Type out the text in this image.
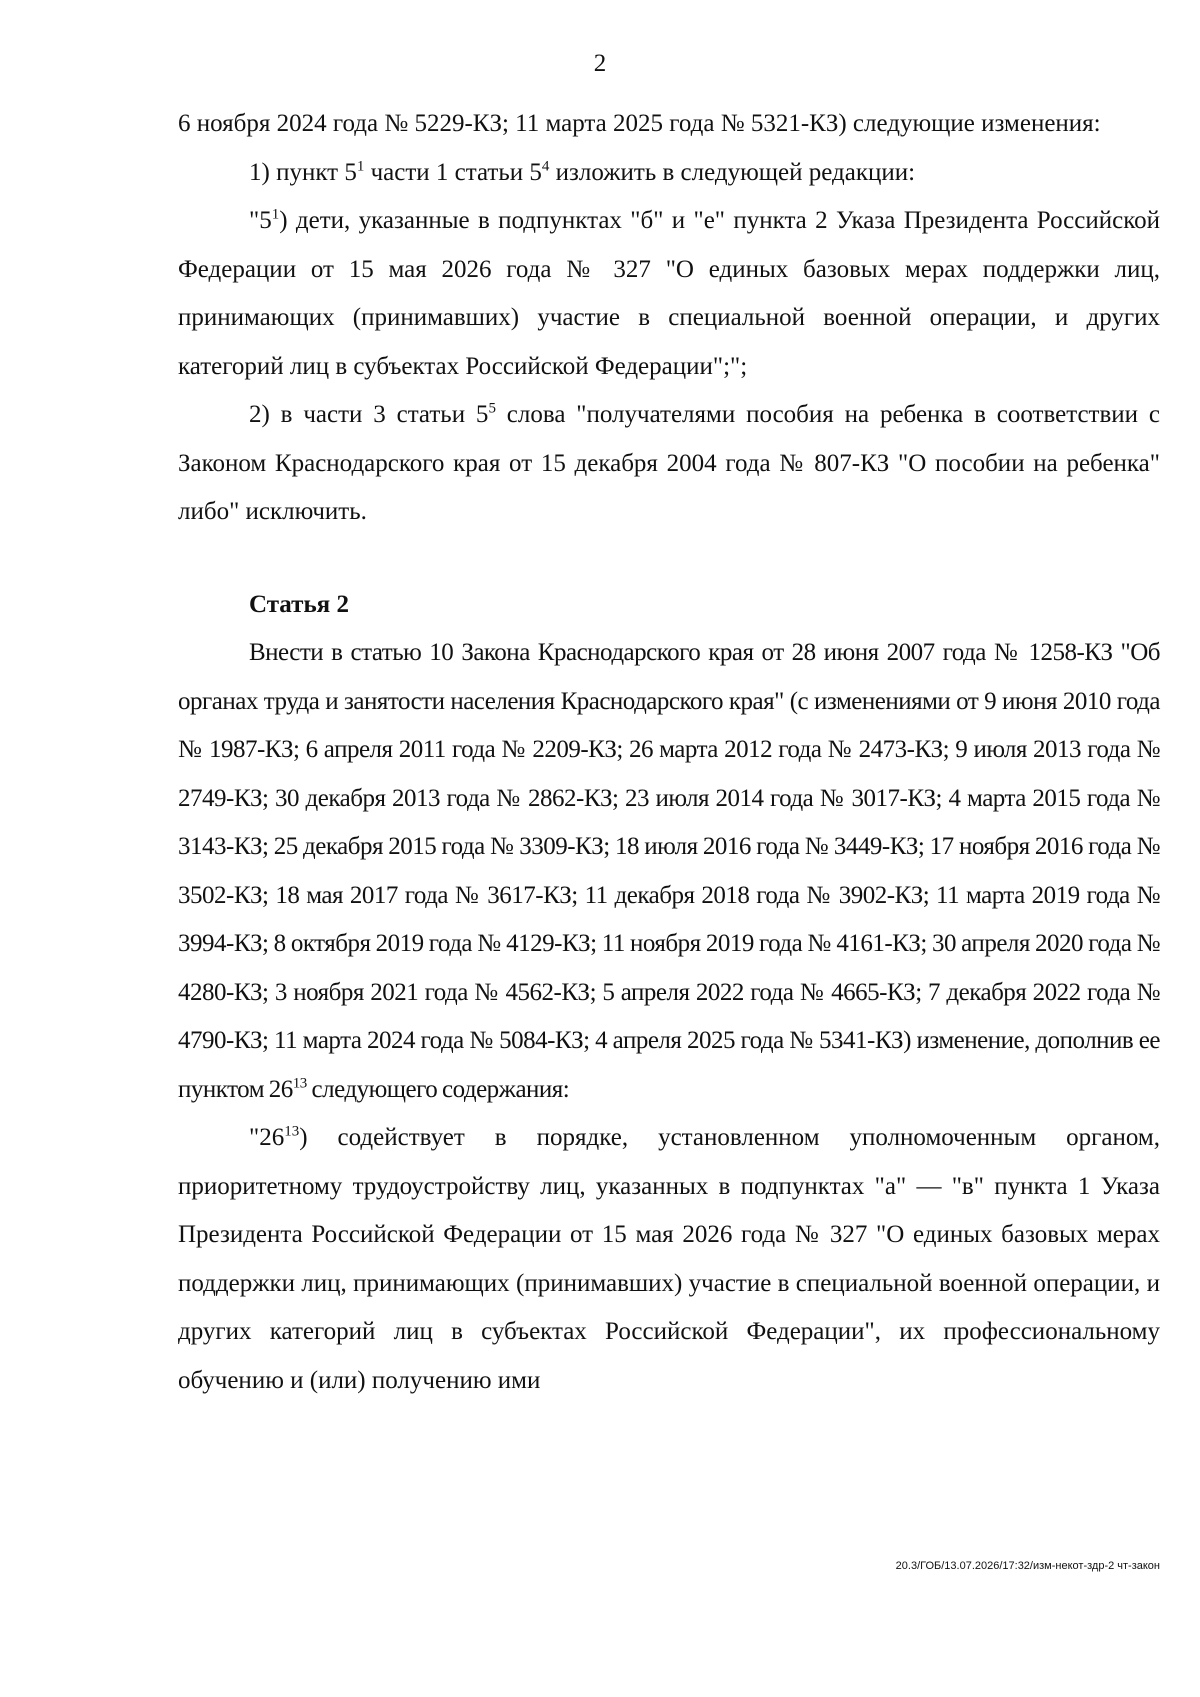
2

6 ноября 2024 года № 5229-КЗ; 11 марта 2025 года № 5321-КЗ) следующие изменения:

1) пункт $5^1$ части 1 статьи $5^4$ изложить в следующей редакции:

"$5^1$) дети, указанные в подпунктах "б" и "е" пункта 2 Указа Президента Российской Федерации от 15 мая 2026 года № 327 "О единых базовых мерах поддержки лиц, принимающих (принимавших) участие в специальной военной операции, и других категорий лиц в субъектах Российской Федерации";";

2) в части 3 статьи $5^5$ слова "получателями пособия на ребенка в соответствии с Законом Краснодарского края от 15 декабря 2004 года № 807-КЗ "О пособии на ребенка" либо" исключить.

Статья 2

Внести в статью 10 Закона Краснодарского края от 28 июня 2007 года № 1258-КЗ "Об органах труда и занятости населения Краснодарского края" (с изменениями от 9 июня 2010 года № 1987-КЗ; 6 апреля 2011 года № 2209-КЗ; 26 марта 2012 года № 2473-КЗ; 9 июля 2013 года № 2749-КЗ; 30 декабря 2013 года № 2862-КЗ; 23 июля 2014 года № 3017-КЗ; 4 марта 2015 года № 3143-КЗ; 25 декабря 2015 года № 3309-КЗ; 18 июля 2016 года № 3449-КЗ; 17 ноября 2016 года № 3502-КЗ; 18 мая 2017 года № 3617-КЗ; 11 декабря 2018 года № 3902-КЗ; 11 марта 2019 года № 3994-КЗ; 8 октября 2019 года № 4129-КЗ; 11 ноября 2019 года № 4161-КЗ; 30 апреля 2020 года № 4280-КЗ; 3 ноября 2021 года № 4562-КЗ; 5 апреля 2022 года № 4665-КЗ; 7 декабря 2022 года № 4790-КЗ; 11 марта 2024 года № 5084-КЗ; 4 апреля 2025 года № 5341-КЗ) изменение, дополнив ее пунктом $26^{13}$ следующего содержания:

"$26^{13}$) содействует в порядке, установленном уполномоченным органом, приоритетному трудоустройству лиц, указанных в подпунктах "а" — "в" пункта 1 Указа Президента Российской Федерации от 15 мая 2026 года № 327 "О единых базовых мерах поддержки лиц, принимающих (принимавших) участие в специальной военной операции, и других категорий лиц в субъектах Российской Федерации", их профессиональному обучению и (или) получению ими

20.3/ГОБ/13.07.2026/17:32/изм-некот-здр-2 чт-закон
